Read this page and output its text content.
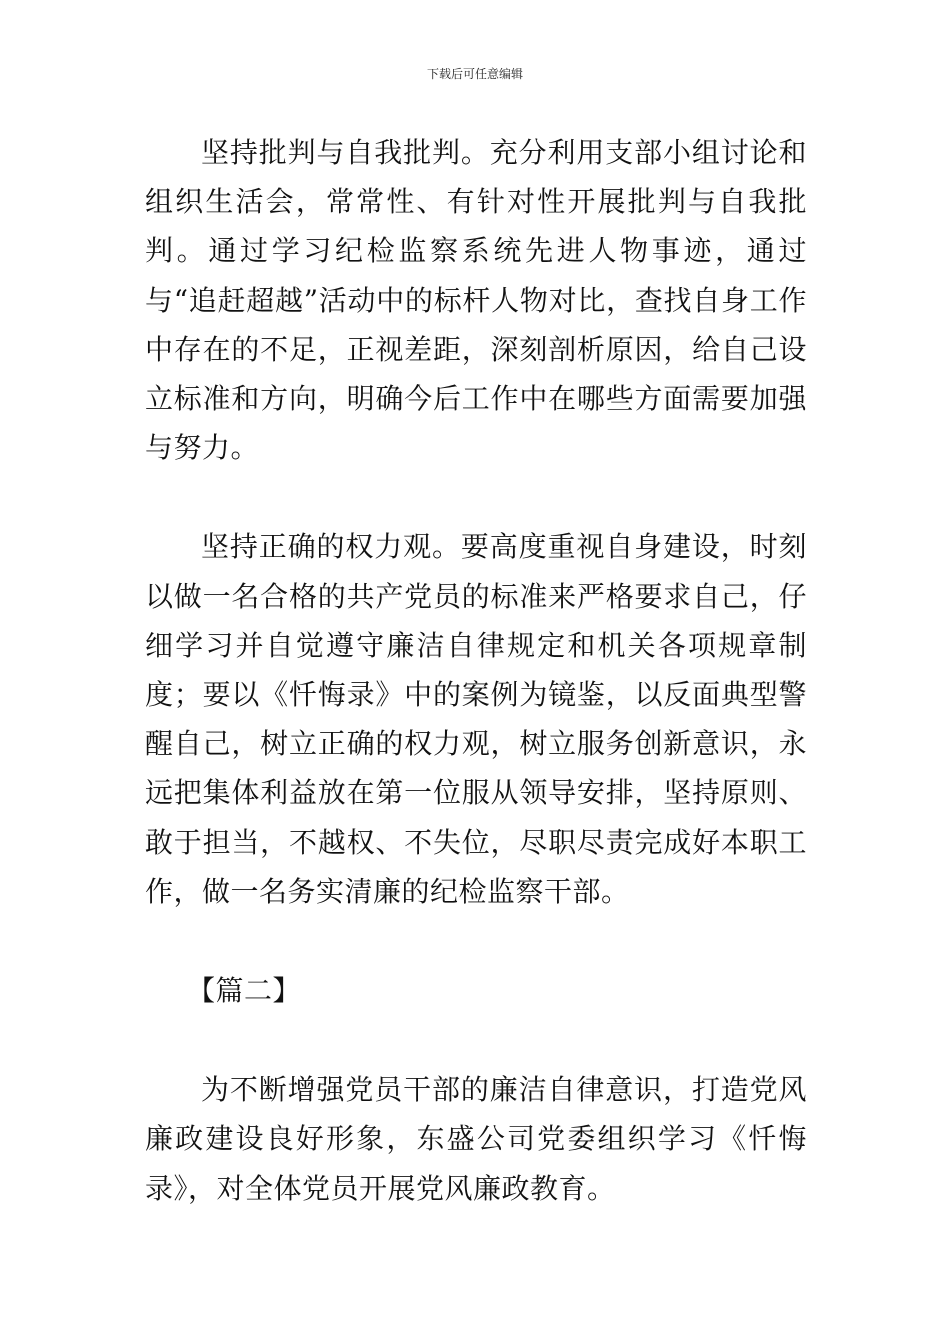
下载后可任意编辑

坚持批判与自我批判。充分利用支部小组讨论和组织生活会，常常性、有针对性开展批判与自我批判。通过学习纪检监察系统先进人物事迹，通过与“追赶超越”活动中的标杆人物对比，查找自身工作中存在的不足，正视差距，深刻剖析原因，给自己设立标准和方向，明确今后工作中在哪些方面需要加强与努力。

坚持正确的权力观。要高度重视自身建设，时刻以做一名合格的共产党员的标准来严格要求自己，仔细学习并自觉遵守廉洁自律规定和机关各项规章制度；要以《忏悔录》中的案例为镜鉴，以反面典型警醒自己，树立正确的权力观，树立服务创新意识，永远把集体利益放在第一位服从领导安排，坚持原则、敢于担当，不越权、不失位，尽职尽责完成好本职工作，做一名务实清廉的纪检监察干部。

【篇二】

为不断增强党员干部的廉洁自律意识，打造党风廉政建设良好形象，东盛公司党委组织学习《忏悔录》，对全体党员开展党风廉政教育。
